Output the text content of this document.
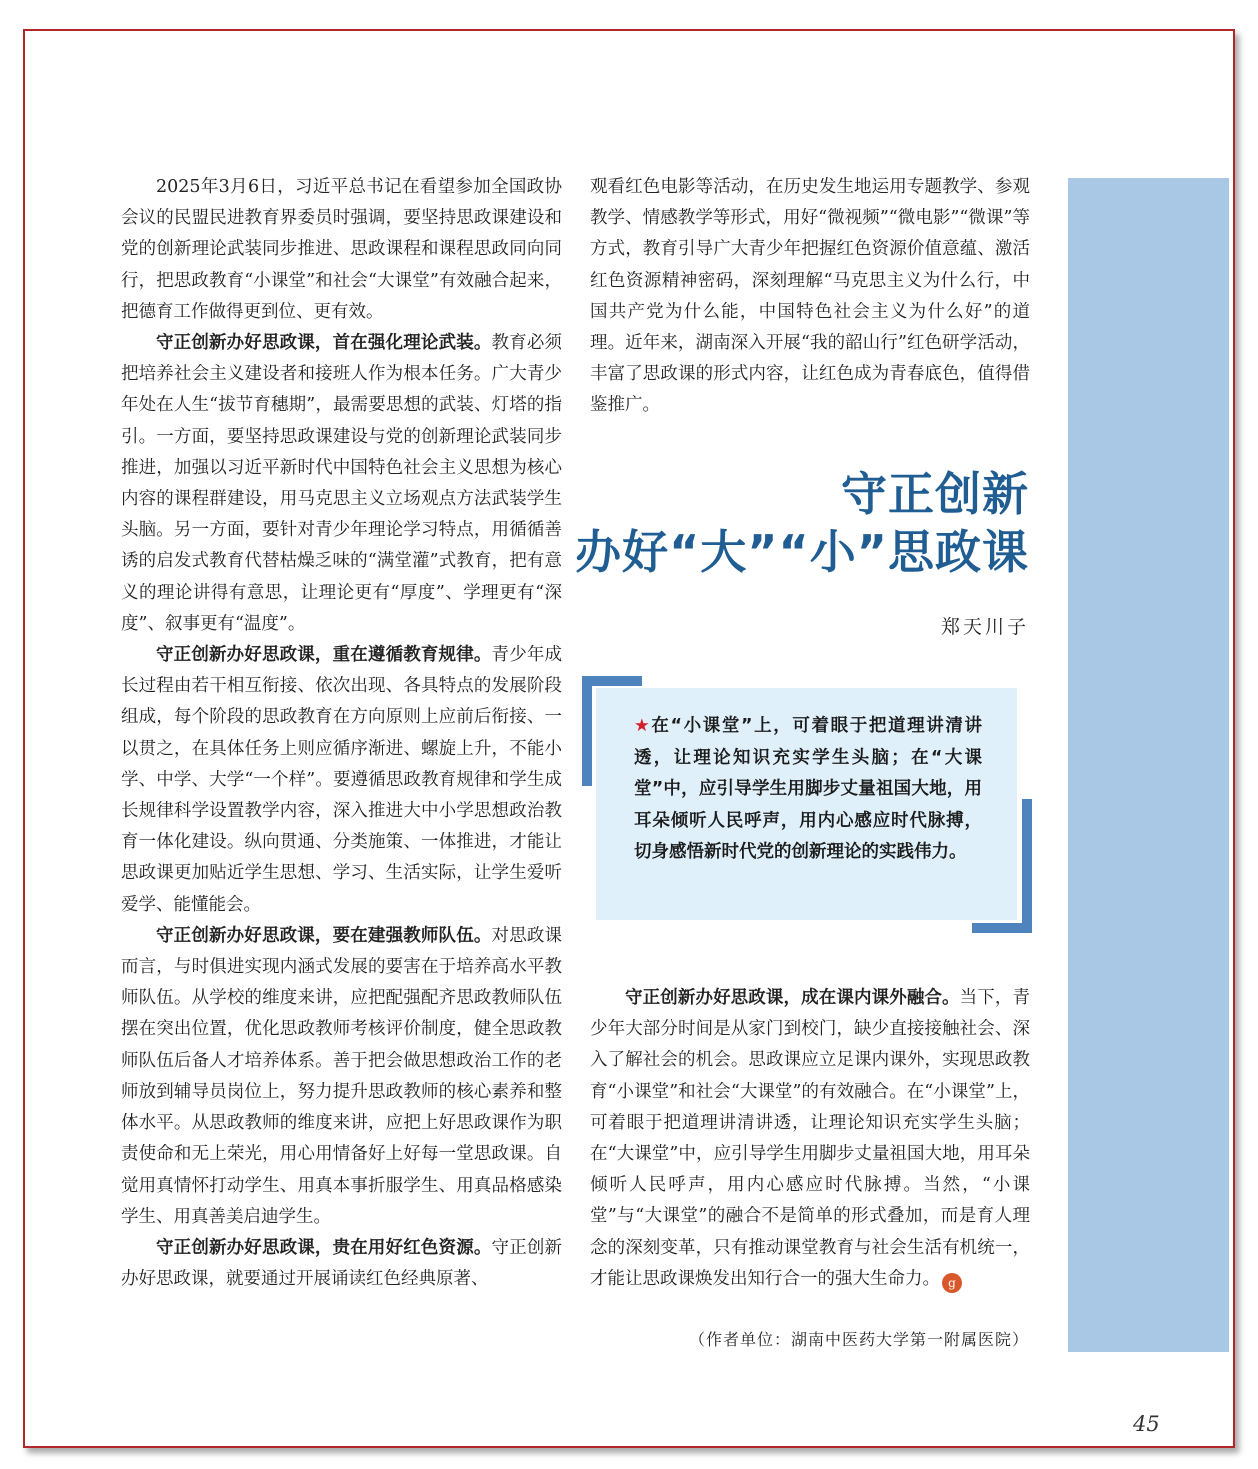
2025年3月6日，习近平总书记在看望参加全国政协会议的民盟民进教育界委员时强调，要坚持思政课建设和党的创新理论武装同步推进、思政课程和课程思政同向同行，把思政教育“小课堂”和社会“大课堂”有效融合起来，把德育工作做得更到位、更有效。

守正创新办好思政课，首在强化理论武装。教育必须把培养社会主义建设者和接班人作为根本任务。广大青少年处在人生“拔节育穗期”，最需要思想的武装、灯塔的指引。一方面，要坚持思政课建设与党的创新理论武装同步推进，加强以习近平新时代中国特色社会主义思想为核心内容的课程群建设，用马克思主义立场观点方法武装学生头脑。另一方面，要针对青少年理论学习特点，用循循善诱的启发式教育代替枯燥乏味的“满堂灌”式教育，把有意义的理论讲得有意思，让理论更有“厚度”、学理更有“深度”、叙事更有“温度”。

守正创新办好思政课，重在遵循教育规律。青少年成长过程由若干相互衔接、依次出现、各具特点的发展阶段组成，每个阶段的思政教育在方向原则上应前后衔接、一以贯之，在具体任务上则应循序渐进、螺旋上升，不能小学、中学、大学“一个样”。要遵循思政教育规律和学生成长规律科学设置教学内容，深入推进大中小学思想政治教育一体化建设。纵向贯通、分类施策、一体推进，才能让思政课更加贴近学生思想、学习、生活实际，让学生爱听爱学、能懂能会。

守正创新办好思政课，要在建强教师队伍。对思政课而言，与时俱进实现内涵式发展的要害在于培养高水平教师队伍。从学校的维度来讲，应把配强配齐思政教师队伍摆在突出位置，优化思政教师考核评价制度，健全思政教师队伍后备人才培养体系。善于把会做思想政治工作的老师放到辅导员岗位上，努力提升思政教师的核心素养和整体水平。从思政教师的维度来讲，应把上好思政课作为职责使命和无上荣光，用心用情备好上好每一堂思政课。自觉用真情怀打动学生、用真本事折服学生、用真品格感染学生、用真善美启迪学生。

守正创新办好思政课，贵在用好红色资源。守正创新办好思政课，就要通过开展诵读红色经典原著、

观看红色电影等活动，在历史发生地运用专题教学、参观教学、情感教学等形式，用好“微视频”“微电影”“微课”等方式，教育引导广大青少年把握红色资源价值意蕴、激活红色资源精神密码，深刻理解“马克思主义为什么行，中国共产党为什么能，中国特色社会主义为什么好”的道理。近年来，湖南深入开展“我的韶山行”红色研学活动，丰富了思政课的形式内容，让红色成为青春底色，值得借鉴推广。

守正创新
办好“大”“小”思政课
郑天川子
★在“小课堂”上，可着眼于把道理讲清讲透，让理论知识充实学生头脑；在“大课堂”中，应引导学生用脚步丈量祖国大地，用耳朵倾听人民呼声，用内心感应时代脉搏，切身感悟新时代党的创新理论的实践伟力。

守正创新办好思政课，成在课内课外融合。当下，青少年大部分时间是从家门到校门，缺少直接接触社会、深入了解社会的机会。思政课应立足课内课外，实现思政教育“小课堂”和社会“大课堂”的有效融合。在“小课堂”上，可着眼于把道理讲清讲透，让理论知识充实学生头脑；在“大课堂”中，应引导学生用脚步丈量祖国大地，用耳朵倾听人民呼声，用内心感应时代脉搏。当然，“小课堂”与“大课堂”的融合不是简单的形式叠加，而是育人理念的深刻变革，只有推动课堂教育与社会生活有机统一，才能让思政课焕发出知行合一的强大生命力。 g

（作者单位：湖南中医药大学第一附属医院）
45
